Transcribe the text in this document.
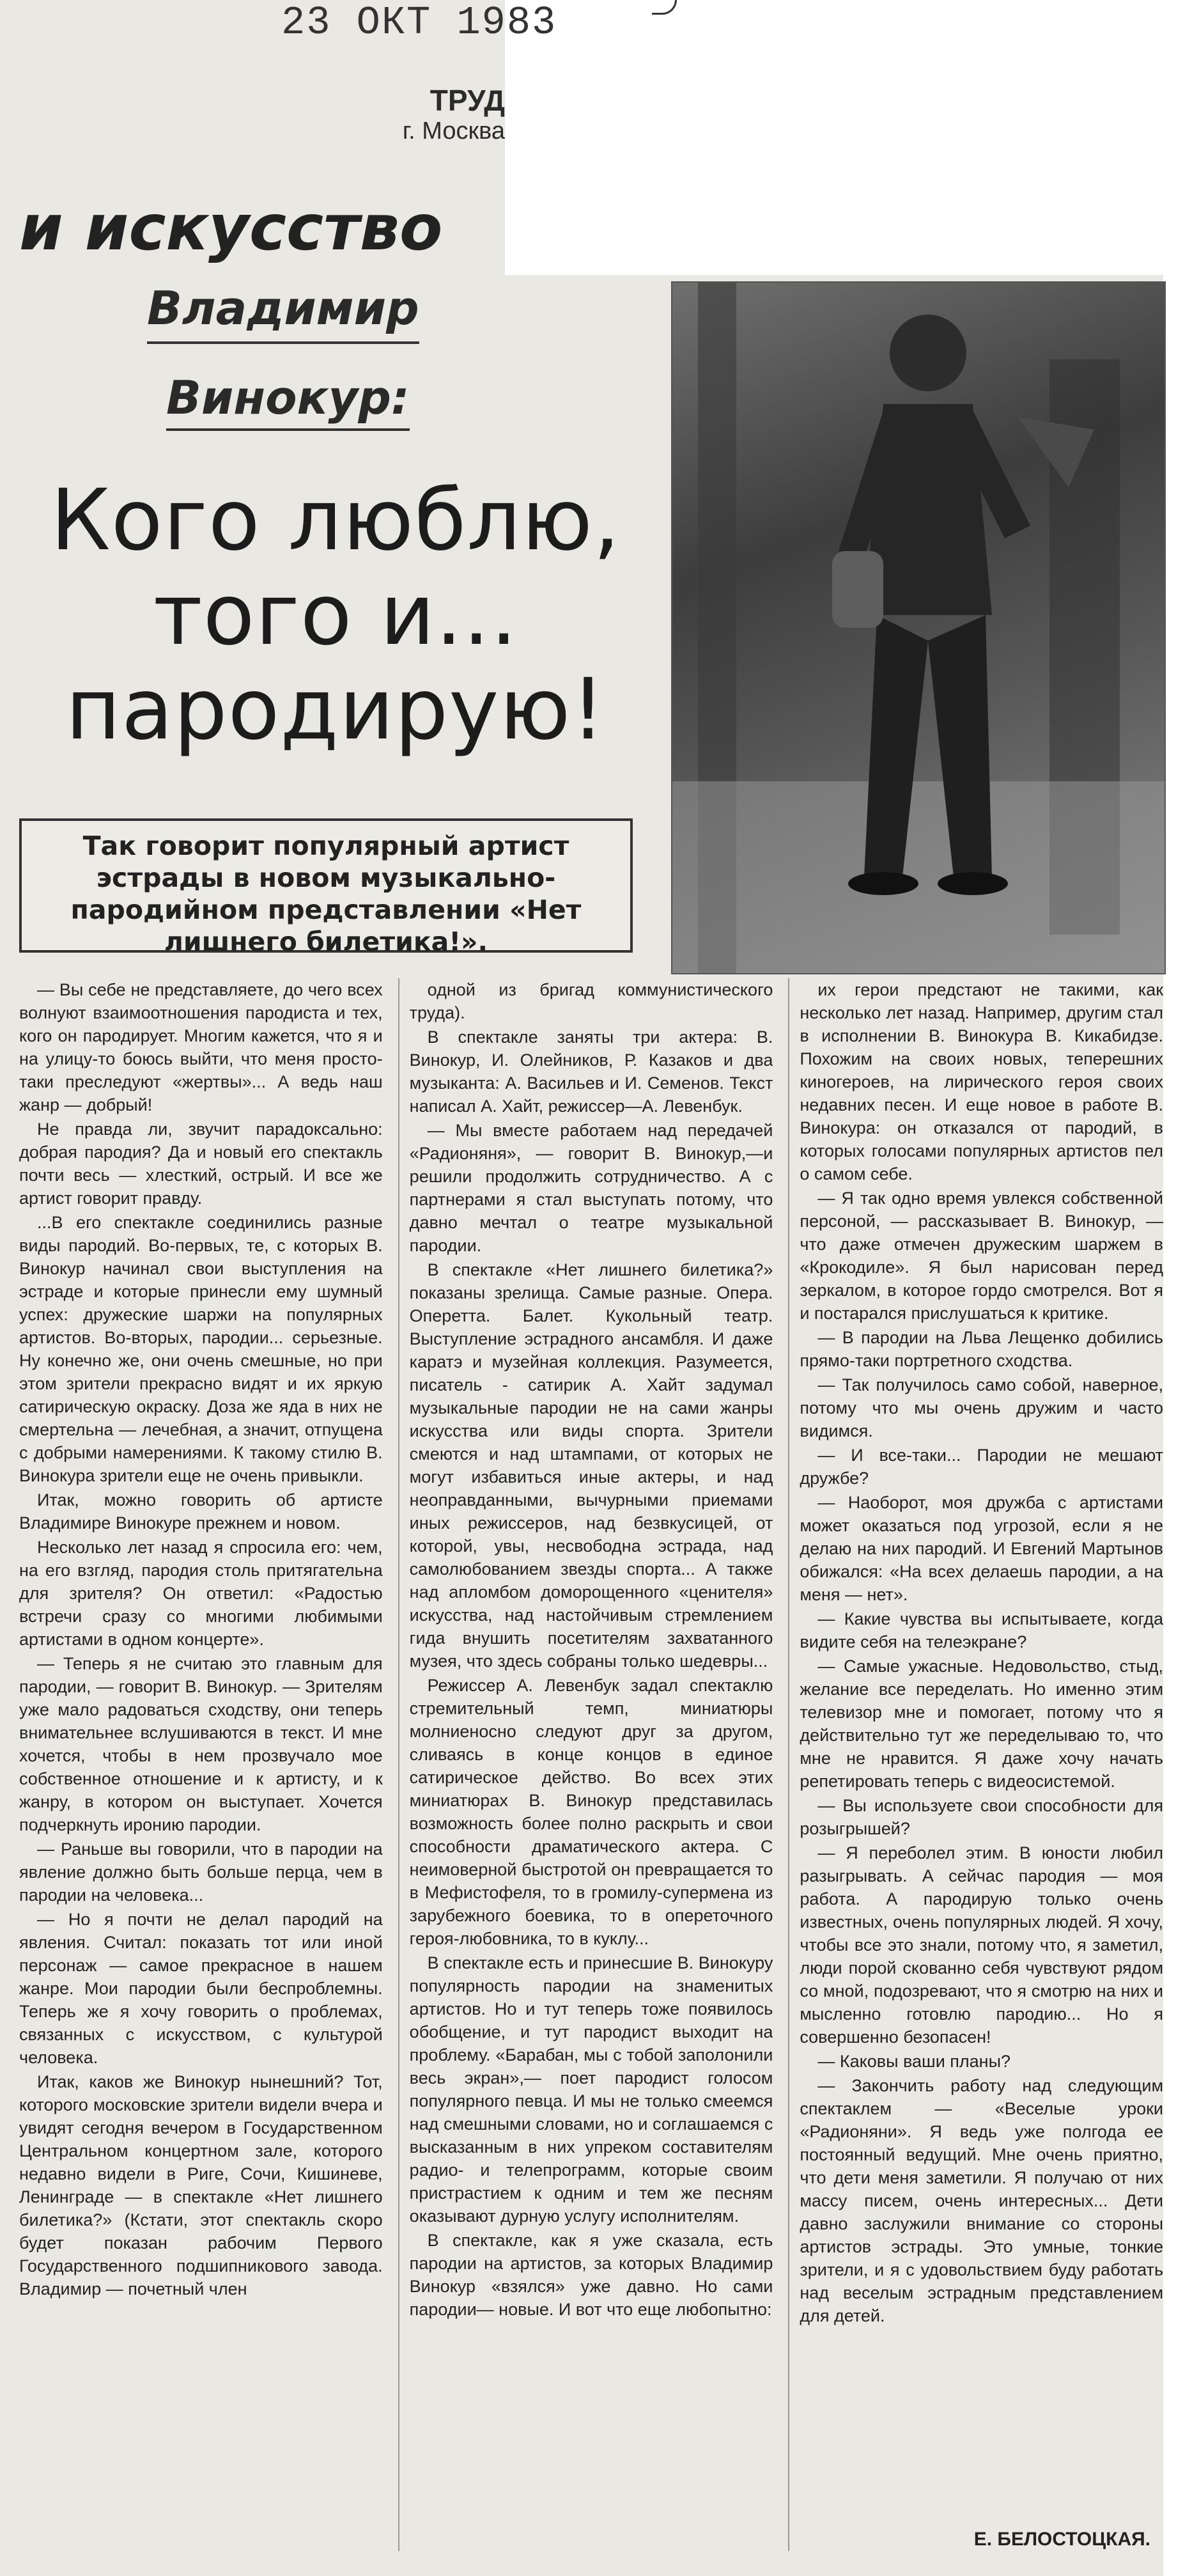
23 ОКТ 1983
ТРУД
г. Москва
и искусство
Владимир
Винокур:
Кого люблю,
того и...
пародирую!
Так говорит популярный артист эстрады в новом музыкально-пародийном представлении «Нет лишнего билетика!».

— Вы себе не представляете, до чего всех волнуют взаимоотношения пародиста и тех, кого он пародирует. Многим кажется, что я и на улицу-то боюсь выйти, что меня просто-таки преследуют «жертвы»... А ведь наш жанр — добрый!

Не правда ли, звучит парадоксально: добрая пародия? Да и новый его спектакль почти весь — хлесткий, острый. И все же артист говорит правду.

...В его спектакле соединились разные виды пародий. Во-первых, те, с которых В. Винокур начинал свои выступления на эстраде и которые принесли ему шумный успех: дружеские шаржи на популярных артистов. Во-вторых, пародии... серьезные. Ну конечно же, они очень смешные, но при этом зрители прекрасно видят и их яркую сатирическую окраску. Доза же яда в них не смертельна — лечебная, а значит, отпущена с добрыми намерениями. К такому стилю В. Винокура зрители еще не очень привыкли.

Итак, можно говорить об артисте Владимире Винокуре прежнем и новом.

Несколько лет назад я спросила его: чем, на его взгляд, пародия столь притягательна для зрителя? Он ответил: «Радостью встречи сразу со многими любимыми артистами в одном концерте».

— Теперь я не считаю это главным для пародии, — говорит В. Винокур. — Зрителям уже мало радоваться сходству, они теперь внимательнее вслушиваются в текст. И мне хочется, чтобы в нем прозвучало мое собственное отношение и к артисту, и к жанру, в котором он выступает. Хочется подчеркнуть иронию пародии.

— Раньше вы говорили, что в пародии на явление должно быть больше перца, чем в пародии на человека...

— Но я почти не делал пародий на явления. Считал: показать тот или иной персонаж — самое прекрасное в нашем жанре. Мои пародии были беспроблемны. Теперь же я хочу говорить о проблемах, связанных с искусством, с культурой человека.

Итак, каков же Винокур нынешний? Тот, которого московские зрители видели вчера и увидят сегодня вечером в Государственном Центральном концертном зале, которого недавно видели в Риге, Сочи, Кишиневе, Ленинграде — в спектакле «Нет лишнего билетика?» (Кстати, этот спектакль скоро будет показан рабочим Первого Государственного подшипникового завода. Владимир — почетный член

одной из бригад коммунистического труда).

В спектакле заняты три актера: В. Винокур, И. Олейников, Р. Казаков и два музыканта: А. Васильев и И. Семенов. Текст написал А. Хайт, режиссер—А. Левенбук.

— Мы вместе работаем над передачей «Радионяня», — говорит В. Винокур,—и решили продолжить сотрудничество. А с партнерами я стал выступать потому, что давно мечтал о театре музыкальной пародии.

В спектакле «Нет лишнего билетика?» показаны зрелища. Самые разные. Опера. Оперетта. Балет. Кукольный театр. Выступление эстрадного ансамбля. И даже каратэ и музейная коллекция. Разумеется, писатель - сатирик А. Хайт задумал музыкальные пародии не на сами жанры искусства или виды спорта. Зрители смеются и над штампами, от которых не могут избавиться иные актеры, и над неоправданными, вычурными приемами иных режиссеров, над безвкусицей, от которой, увы, несвободна эстрада, над самолюбованием звезды спорта... А также над апломбом доморощенного «ценителя» искусства, над настойчивым стремлением гида внушить посетителям захватанного музея, что здесь собраны только шедевры...

Режиссер А. Левенбук задал спектаклю стремительный темп, миниатюры молниеносно следуют друг за другом, сливаясь в конце концов в единое сатирическое действо. Во всех этих миниатюрах В. Винокур представилась возможность более полно раскрыть и свои способности драматического актера. С неимоверной быстротой он превращается то в Мефистофеля, то в громилу-супермена из зарубежного боевика, то в опереточного героя-любовника, то в куклу...

В спектакле есть и принесшие В. Винокуру популярность пародии на знаменитых артистов. Но и тут теперь тоже появилось обобщение, и тут пародист выходит на проблему. «Барабан, мы с тобой заполонили весь экран»,— поет пародист голосом популярного певца. И мы не только смеемся над смешными словами, но и соглашаемся с высказанным в них упреком составителям радио- и телепрограмм, которые своим пристрастием к одним и тем же песням оказывают дурную услугу исполнителям.

В спектакле, как я уже сказала, есть пародии на артистов, за которых Владимир Винокур «взялся» уже давно. Но сами пародии— новые. И вот что еще любопытно:

их герои предстают не такими, как несколько лет назад. Например, другим стал в исполнении В. Винокура В. Кикабидзе. Похожим на своих новых, теперешних киногероев, на лирического героя своих недавних песен. И еще новое в работе В. Винокура: он отказался от пародий, в которых голосами популярных артистов пел о самом себе.

— Я так одно время увлекся собственной персоной, — рассказывает В. Винокур, — что даже отмечен дружеским шаржем в «Крокодиле». Я был нарисован перед зеркалом, в которое гордо смотрелся. Вот я и постарался прислушаться к критике.

— В пародии на Льва Лещенко добились прямо-таки портретного сходства.

— Так получилось само собой, наверное, потому что мы очень дружим и часто видимся.

— И все-таки... Пародии не мешают дружбе?

— Наоборот, моя дружба с артистами может оказаться под угрозой, если я не делаю на них пародий. И Евгений Мартынов обижался: «На всех делаешь пародии, а на меня — нет».

— Какие чувства вы испытываете, когда видите себя на телеэкране?

— Самые ужасные. Недовольство, стыд, желание все переделать. Но именно этим телевизор мне и помогает, потому что я действительно тут же переделываю то, что мне не нравится. Я даже хочу начать репетировать теперь с видеосистемой.

— Вы используете свои способности для розыгрышей?

— Я переболел этим. В юности любил разыгрывать. А сейчас пародия — моя работа. А пародирую только очень известных, очень популярных людей. Я хочу, чтобы все это знали, потому что, я заметил, люди порой скованно себя чувствуют рядом со мной, подозревают, что я смотрю на них и мысленно готовлю пародию... Но я совершенно безопасен!

— Каковы ваши планы?

— Закончить работу над следующим спектаклем — «Веселые уроки «Радионяни». Я ведь уже полгода ее постоянный ведущий. Мне очень приятно, что дети меня заметили. Я получаю от них массу писем, очень интересных... Дети давно заслужили внимание со стороны артистов эстрады. Это умные, тонкие зрители, и я с удовольствием буду работать над веселым эстрадным представлением для детей.

Е. БЕЛОСТОЦКАЯ.
